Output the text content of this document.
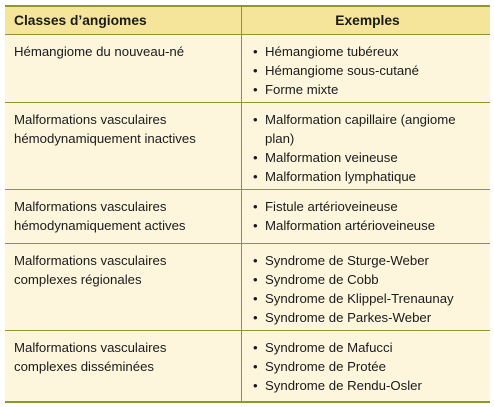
Classes d’angiomes	Exemples
Hémangiome du nouveau-né	• Hémangiome tubéreux
• Hémangiome sous-cutané
• Forme mixte
Malformations vasculaires hémodynamiquement inactives
• Malformation capillaire (angiome plan)
• Malformation veineuse
• Malformation lymphatique
Malformations vasculaires hémodynamiquement actives
• Fistule artérioveineuse
• Malformation artérioveineuse
Malformations vasculaires complexes régionales
• Syndrome de Sturge-Weber
• Syndrome de Cobb
• Syndrome de Klippel-Trenaunay
• Syndrome de Parkes-Weber
Malformations vasculaires complexes disséminées
• Syndrome de Mafucci
• Syndrome de Protée
• Syndrome de Rendu-Osler
